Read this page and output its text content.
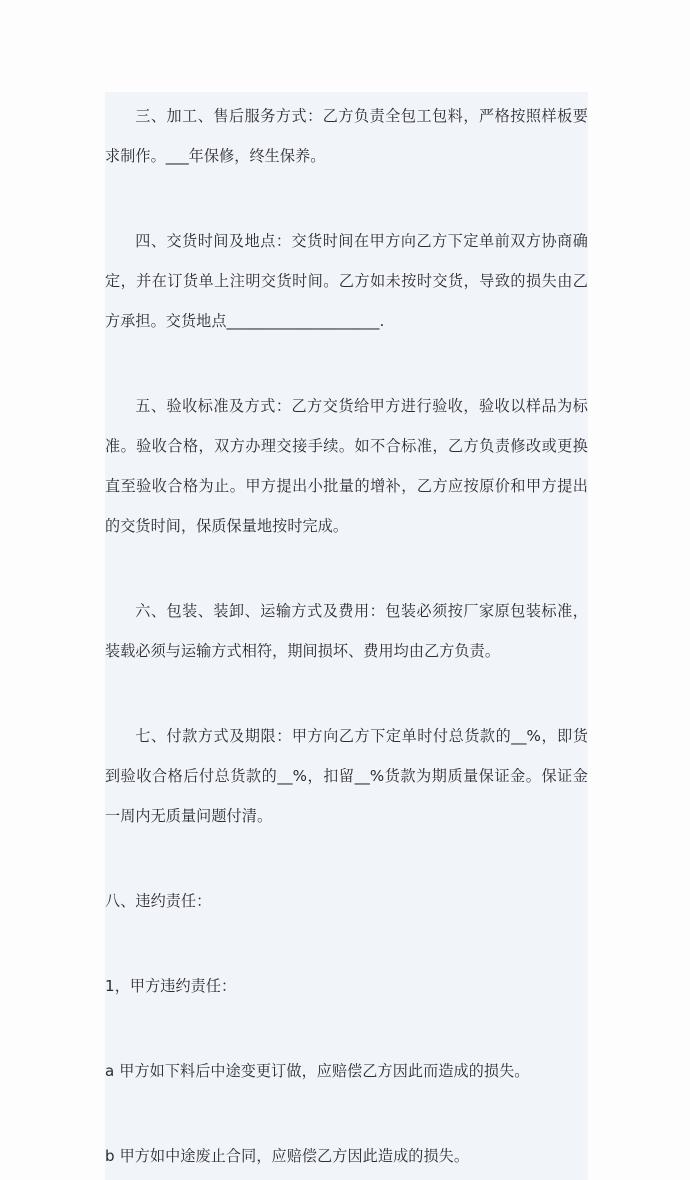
三、加工、售后服务方式：乙方负责全包工包料，严格按照样板要求制作。___年保修，终生保养。

四、交货时间及地点：交货时间在甲方向乙方下定单前双方协商确定，并在订货单上注明交货时间。乙方如未按时交货，导致的损失由乙方承担。交货地点____________________.

五、验收标准及方式：乙方交货给甲方进行验收，验收以样品为标准。验收合格，双方办理交接手续。如不合标准，乙方负责修改或更换直至验收合格为止。甲方提出小批量的增补，乙方应按原价和甲方提出的交货时间，保质保量地按时完成。

六、包装、装卸、运输方式及费用：包装必须按厂家原包装标准，装载必须与运输方式相符，期间损坏、费用均由乙方负责。

七、付款方式及期限：甲方向乙方下定单时付总货款的__%，即货到验收合格后付总货款的__%，扣留__%货款为期质量保证金。保证金一周内无质量问题付清。

八、违约责任：

1，甲方违约责任：

a 甲方如下料后中途变更订做，应赔偿乙方因此而造成的损失。

b 甲方如中途废止合同，应赔偿乙方因此造成的损失。
